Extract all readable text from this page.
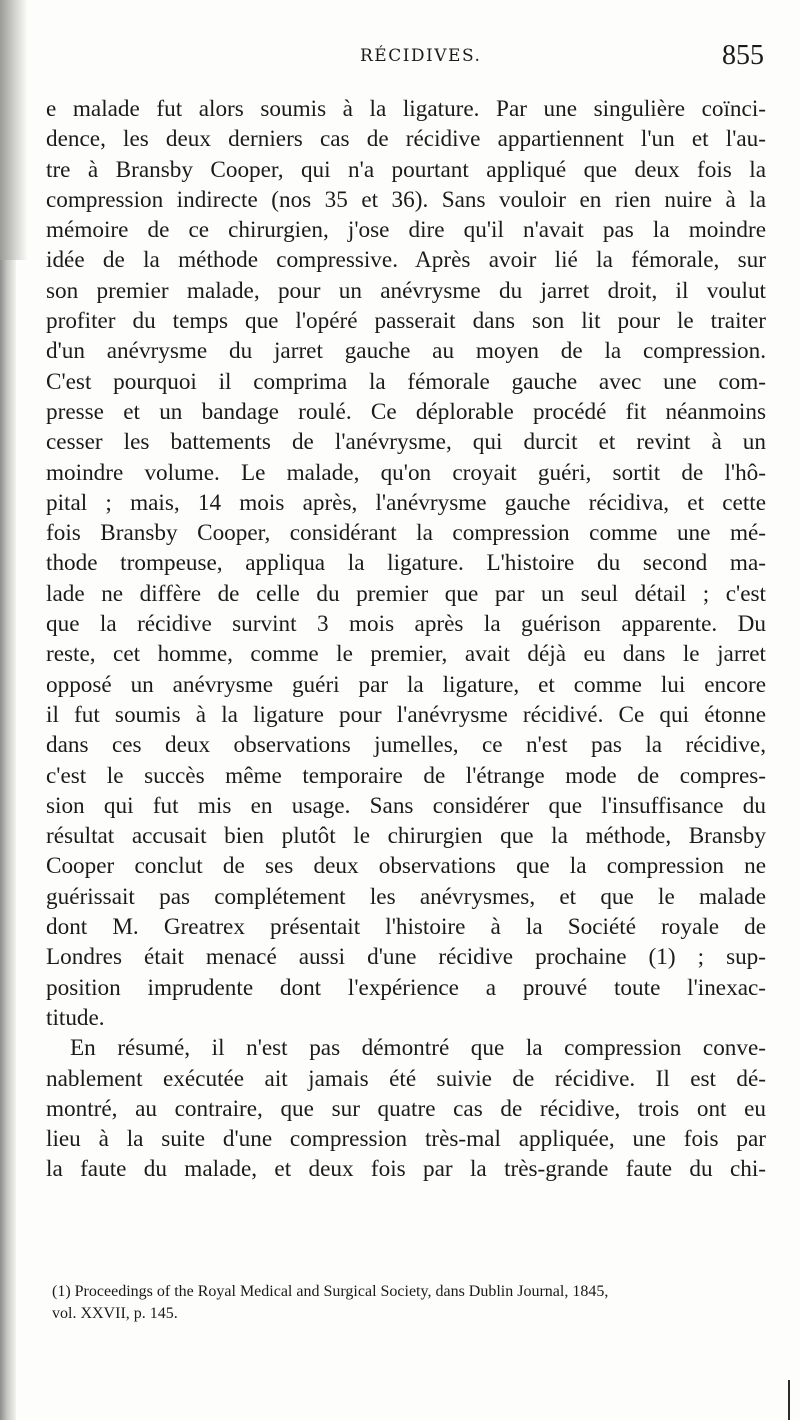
RÉCIDIVES.	855
e malade fut alors soumis à la ligature. Par une singulière coïnci-
dence, les deux derniers cas de récidive appartiennent l'un et l'au-
tre à Bransby Cooper, qui n'a pourtant appliqué que deux fois la
compression indirecte (nos 35 et 36). Sans vouloir en rien nuire à la
mémoire de ce chirurgien, j'ose dire qu'il n'avait pas la moindre
idée de la méthode compressive. Après avoir lié la fémorale, sur
son premier malade, pour un anévrysme du jarret droit, il voulut
profiter du temps que l'opéré passerait dans son lit pour le traiter
d'un anévrysme du jarret gauche au moyen de la compression.
C'est pourquoi il comprima la fémorale gauche avec une com-
presse et un bandage roulé. Ce déplorable procédé fit néanmoins
cesser les battements de l'anévrysme, qui durcit et revint à un
moindre volume. Le malade, qu'on croyait guéri, sortit de l'hô-
pital ; mais, 14 mois après, l'anévrysme gauche récidiva, et cette
fois Bransby Cooper, considérant la compression comme une mé-
thode trompeuse, appliqua la ligature. L'histoire du second ma-
lade ne diffère de celle du premier que par un seul détail ; c'est
que la récidive survint 3 mois après la guérison apparente. Du
reste, cet homme, comme le premier, avait déjà eu dans le jarret
opposé un anévrysme guéri par la ligature, et comme lui encore
il fut soumis à la ligature pour l'anévrysme récidivé. Ce qui étonne
dans ces deux observations jumelles, ce n'est pas la récidive,
c'est le succès même temporaire de l'étrange mode de compres-
sion qui fut mis en usage. Sans considérer que l'insuffisance du
résultat accusait bien plutôt le chirurgien que la méthode, Bransby
Cooper conclut de ses deux observations que la compression ne
guérissait pas complétement les anévrysmes, et que le malade
dont M. Greatrex présentait l'histoire à la Société royale de
Londres était menacé aussi d'une récidive prochaine (1) ; sup-
position imprudente dont l'expérience a prouvé toute l'inexac-
titude.
En résumé, il n'est pas démontré que la compression conve-
nablement exécutée ait jamais été suivie de récidive. Il est dé-
montré, au contraire, que sur quatre cas de récidive, trois ont eu
lieu à la suite d'une compression très-mal appliquée, une fois par
la faute du malade, et deux fois par la très-grande faute du chi-
(1) Proceedings of the Royal Medical and Surgical Society, dans Dublin Journal, 1845,
vol. XXVII, p. 145.
